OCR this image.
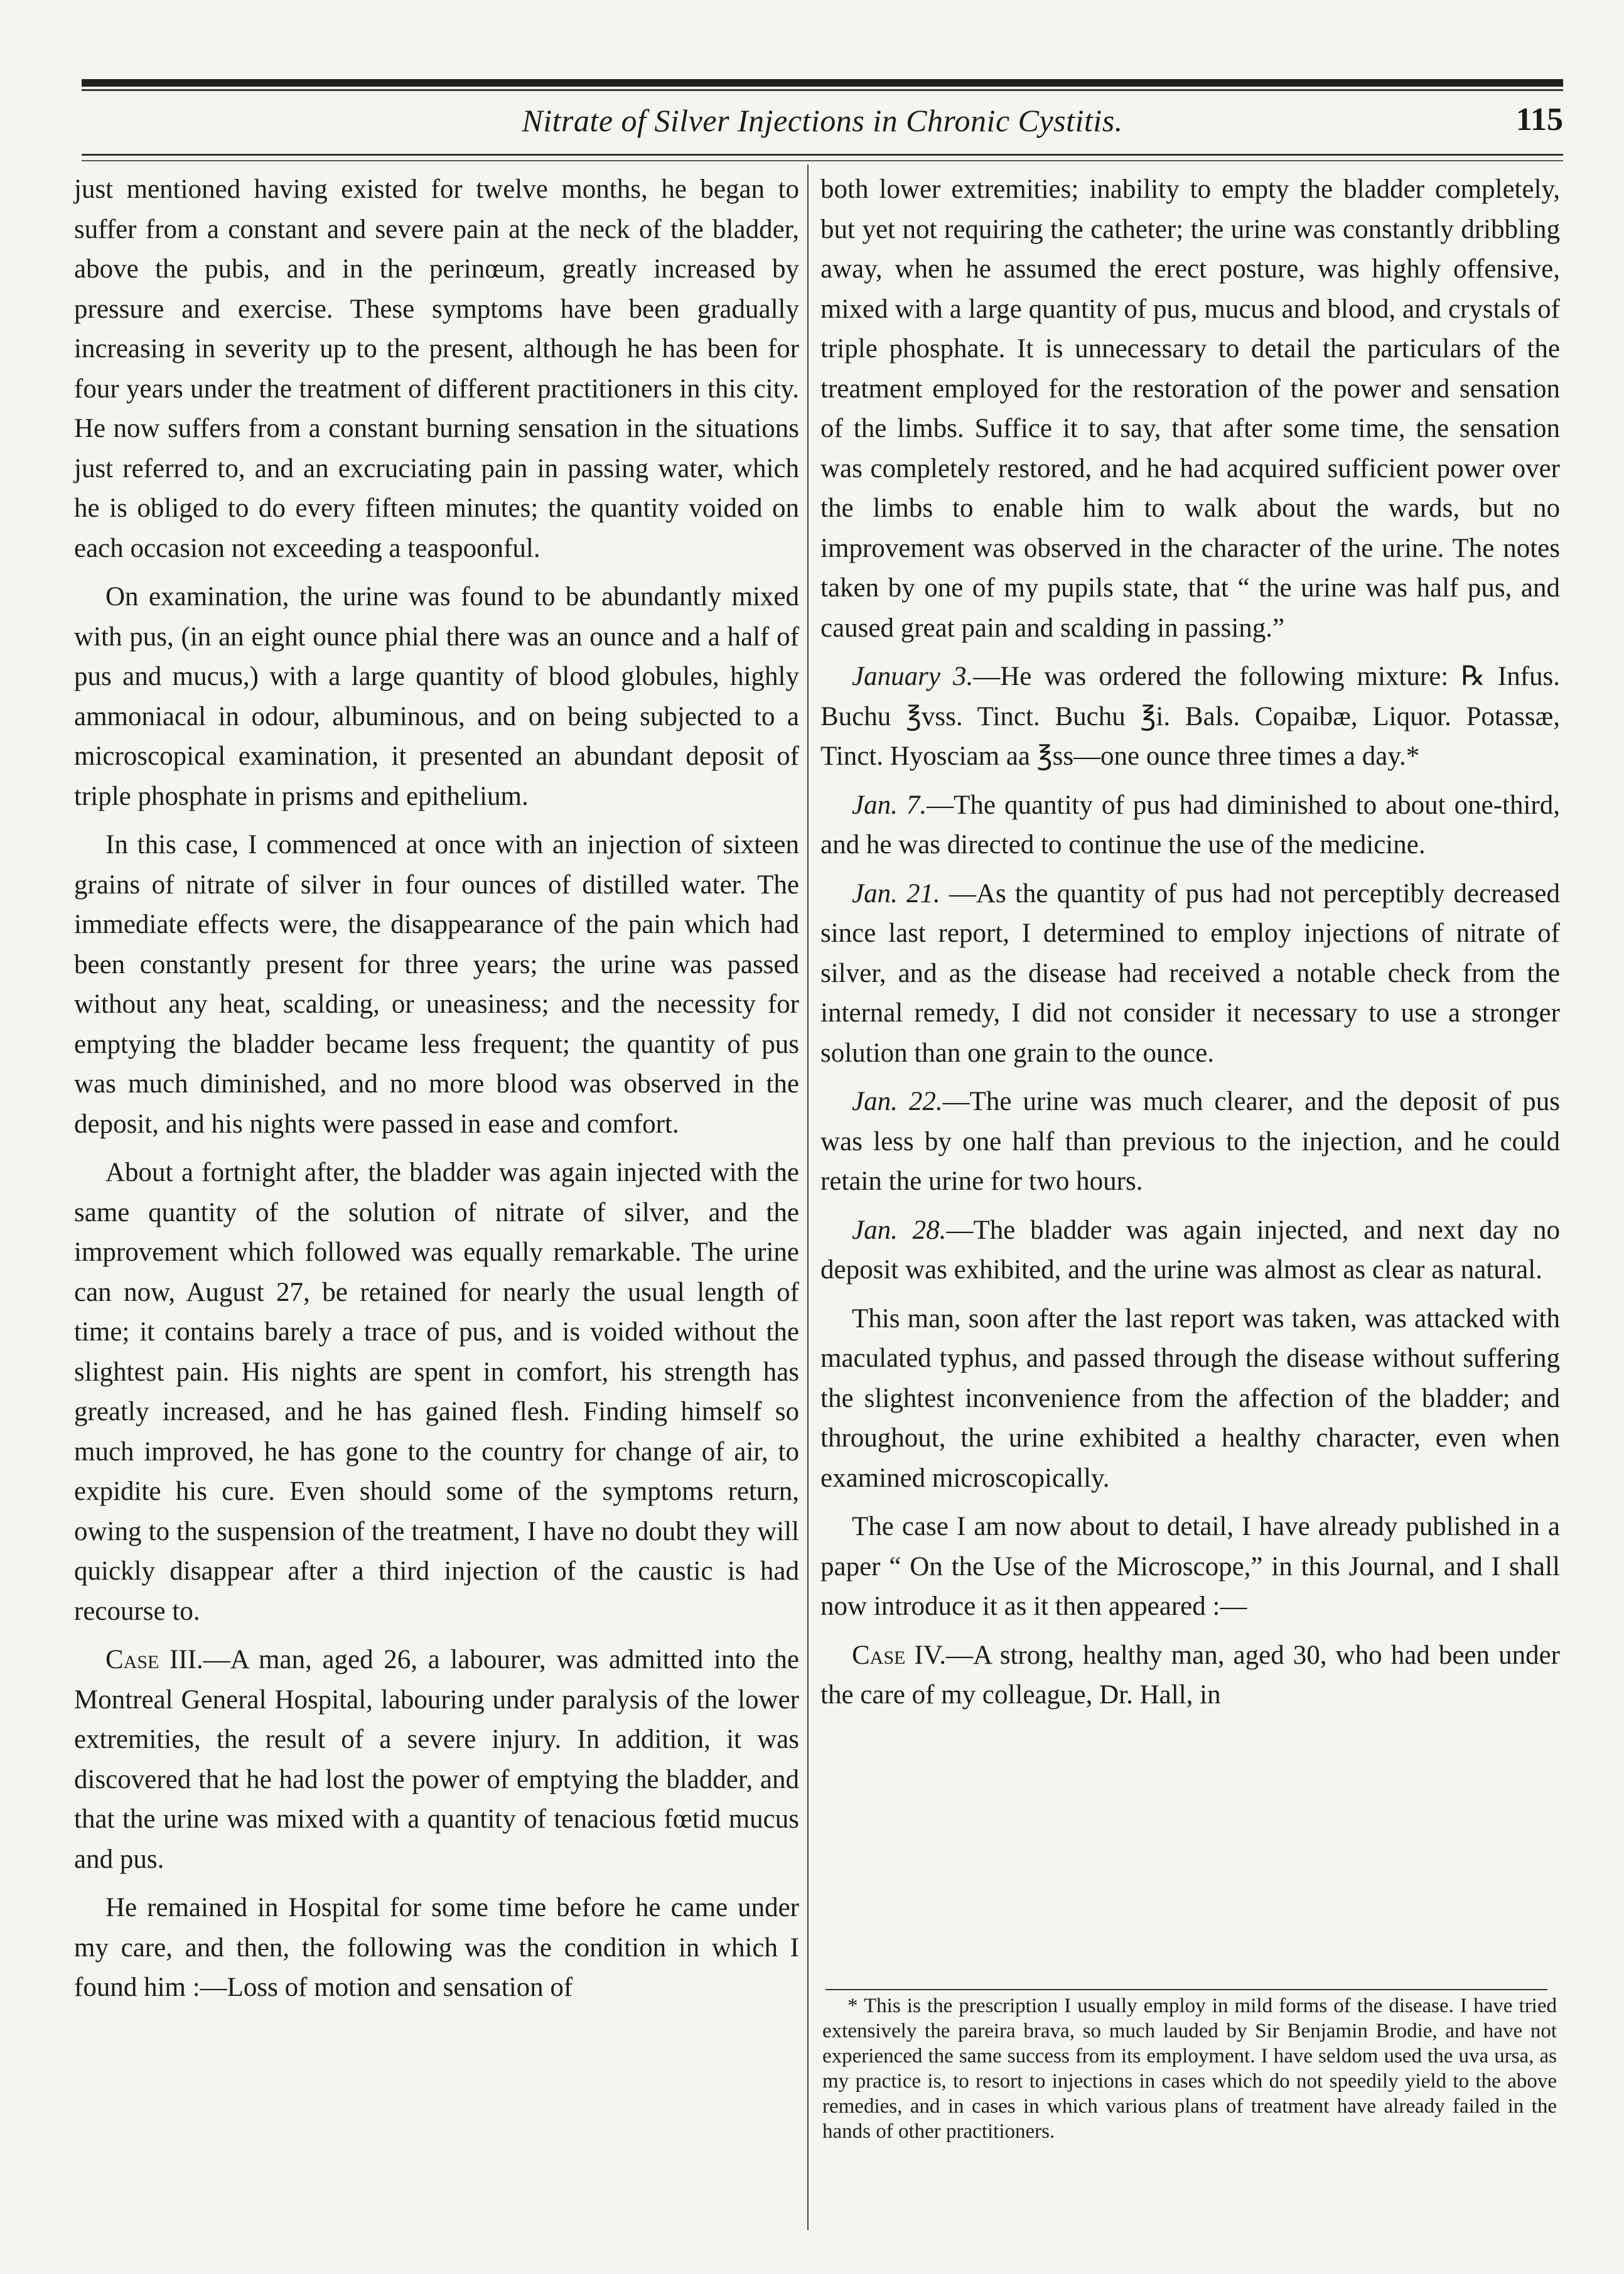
Nitrate of Silver Injections in Chronic Cystitis.	115

just mentioned having existed for twelve months, he began to suffer from a constant and severe pain at the neck of the bladder, above the pubis, and in the perinœum, greatly increased by pressure and exercise. These symptoms have been gradually increasing in severity up to the present, although he has been for four years under the treatment of different practitioners in this city. He now suffers from a constant burning sensation in the situations just referred to, and an excruciating pain in passing water, which he is obliged to do every fifteen minutes; the quantity voided on each occasion not exceeding a teaspoonful.

On examination, the urine was found to be abundantly mixed with pus, (in an eight ounce phial there was an ounce and a half of pus and mucus,) with a large quantity of blood globules, highly ammoniacal in odour, albuminous, and on being subjected to a microscopical examination, it presented an abundant deposit of triple phosphate in prisms and epithelium.

In this case, I commenced at once with an injection of sixteen grains of nitrate of silver in four ounces of distilled water. The immediate effects were, the disappearance of the pain which had been constantly present for three years; the urine was passed without any heat, scalding, or uneasiness; and the necessity for emptying the bladder became less frequent; the quantity of pus was much diminished, and no more blood was observed in the deposit, and his nights were passed in ease and comfort.

About a fortnight after, the bladder was again injected with the same quantity of the solution of nitrate of silver, and the improvement which followed was equally remarkable. The urine can now, August 27, be retained for nearly the usual length of time; it contains barely a trace of pus, and is voided without the slightest pain. His nights are spent in comfort, his strength has greatly increased, and he has gained flesh. Finding himself so much improved, he has gone to the country for change of air, to expidite his cure. Even should some of the symptoms return, owing to the suspension of the treatment, I have no doubt they will quickly disappear after a third injection of the caustic is had recourse to.

Case III.—A man, aged 26, a labourer, was admitted into the Montreal General Hospital, labouring under paralysis of the lower extremities, the result of a severe injury. In addition, it was discovered that he had lost the power of emptying the bladder, and that the urine was mixed with a quantity of tenacious fœtid mucus and pus.

He remained in Hospital for some time before he came under my care, and then, the following was the condition in which I found him :—Loss of motion and sensation of

both lower extremities; inability to empty the bladder completely, but yet not requiring the catheter; the urine was constantly dribbling away, when he assumed the erect posture, was highly offensive, mixed with a large quantity of pus, mucus and blood, and crystals of triple phosphate. It is unnecessary to detail the particulars of the treatment employed for the restoration of the power and sensation of the limbs. Suffice it to say, that after some time, the sensation was completely restored, and he had acquired sufficient power over the limbs to enable him to walk about the wards, but no improvement was observed in the character of the urine. The notes taken by one of my pupils state, that “ the urine was half pus, and caused great pain and scalding in passing.”

January 3.—He was ordered the following mixture: ℞ Infus. Buchu ℥vss. Tinct. Buchu ℥i. Bals. Copaibæ, Liquor. Potassæ, Tinct. Hyosciam aa ℥ss—one ounce three times a day.*

Jan. 7.—The quantity of pus had diminished to about one-third, and he was directed to continue the use of the medicine.

Jan. 21. —As the quantity of pus had not perceptibly decreased since last report, I determined to employ injections of nitrate of silver, and as the disease had received a notable check from the internal remedy, I did not consider it necessary to use a stronger solution than one grain to the ounce.

Jan. 22.—The urine was much clearer, and the deposit of pus was less by one half than previous to the injection, and he could retain the urine for two hours.

Jan. 28.—The bladder was again injected, and next day no deposit was exhibited, and the urine was almost as clear as natural.

This man, soon after the last report was taken, was attacked with maculated typhus, and passed through the disease without suffering the slightest inconvenience from the affection of the bladder; and throughout, the urine exhibited a healthy character, even when examined microscopically.

The case I am now about to detail, I have already published in a paper “ On the Use of the Microscope,” in this Journal, and I shall now introduce it as it then appeared :—

Case IV.—A strong, healthy man, aged 30, who had been under the care of my colleague, Dr. Hall, in

* This is the prescription I usually employ in mild forms of the disease. I have tried extensively the pareira brava, so much lauded by Sir Benjamin Brodie, and have not experienced the same success from its employment. I have seldom used the uva ursa, as my practice is, to resort to injections in cases which do not speedily yield to the above remedies, and in cases in which various plans of treatment have already failed in the hands of other practitioners.
